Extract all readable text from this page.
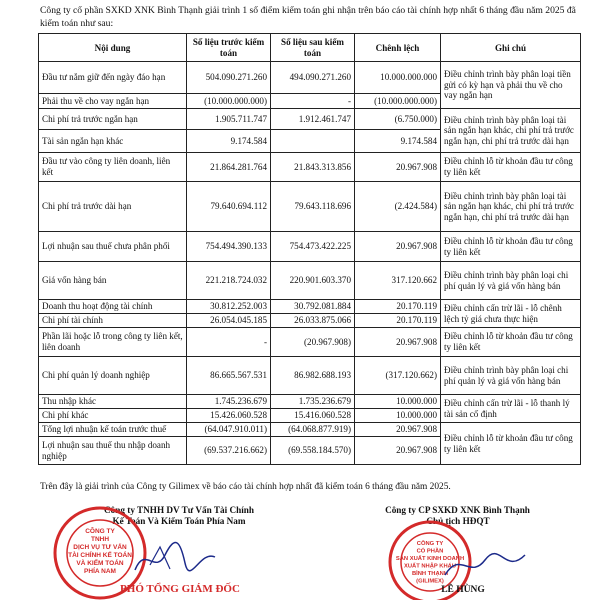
Công ty cổ phần SXKD XNK Bình Thạnh giải trình 1 số điểm kiểm toán ghi nhận trên báo cáo tài chính hợp nhất 6 tháng đầu năm 2025 đã kiểm toán như sau:
Nội dung	Số liệu trước kiểm toán	Số liệu sau kiểm toán	Chênh lệch	Ghi chú
Đầu tư nắm giữ đến ngày đáo hạn	504.090.271.260	494.090.271.260	10.000.000.000	Điều chỉnh trình bày phân loại tiền gửi có kỳ hạn và phải thu về cho vay ngắn hạn
Phải thu về cho vay ngắn hạn	(10.000.000.000)	-	(10.000.000.000)	
Chi phí trả trước ngắn hạn	1.905.711.747	1.912.461.747	(6.750.000)	Điều chỉnh trình bày phân loại tài sản ngắn hạn khác, chi phí trả trước ngắn hạn, chi phí trả trước dài hạn
Tài sản ngắn hạn khác	9.174.584		9.174.584	
Đầu tư vào công ty liên doanh, liên kết	21.864.281.764	21.843.313.856	20.967.908	Điều chỉnh lỗ từ khoản đầu tư công ty liên kết
Chi phí trả trước dài hạn	79.640.694.112	79.643.118.696	(2.424.584)	Điều chỉnh trình bày phân loại tài sản ngắn hạn khác, chi phí trả trước ngắn hạn, chi phí trả trước dài hạn
Lợi nhuận sau thuế chưa phân phối	754.494.390.133	754.473.422.225	20.967.908	Điều chỉnh lỗ từ khoản đầu tư công ty liên kết
Giá vốn hàng bán	221.218.724.032	220.901.603.370	317.120.662	Điều chỉnh trình bày phân loại chi phí quản lý và giá vốn hàng bán
Doanh thu hoạt động tài chính	30.812.252.003	30.792.081.884	20.170.119	Điều chỉnh cấn trừ lãi - lỗ chênh lệch tỷ giá chưa thực hiện
Chi phí tài chính	26.054.045.185	26.033.875.066	20.170.119	
Phần lãi hoặc lỗ trong công ty liên kết, liên doanh	-	(20.967.908)	20.967.908	Điều chỉnh lỗ từ khoản đầu tư công ty liên kết
Chi phí quản lý doanh nghiệp	86.665.567.531	86.982.688.193	(317.120.662)	Điều chỉnh trình bày phân loại chi phí quản lý và giá vốn hàng bán
Thu nhập khác	1.745.236.679	1.735.236.679	10.000.000	Điều chỉnh cấn trừ lãi - lỗ thanh lý tài sản cố định
Chi phí khác	15.426.060.528	15.416.060.528	10.000.000	
Tổng lợi nhuận kế toán trước thuế	(64.047.910.011)	(64.068.877.919)	20.967.908	Điều chỉnh lỗ từ khoản đầu tư công ty liên kết
Lợi nhuận sau thuế thu nhập doanh nghiệp	(69.537.216.662)	(69.558.184.570)	20.967.908	
Trên đây là giải trình của Công ty Gilimex về báo cáo tài chính hợp nhất đã kiểm toán 6 tháng đầu năm 2025.
Công ty TNHH DV Tư Vấn Tài Chính
Kế Toán Và Kiểm Toán Phía Nam
CÔNG TY
TNHH
DỊCH VỤ TƯ VẤN
TÀI CHÍNH KẾ TOÁN
VÀ KIỂM TOÁN
PHÍA NAM
PHÓ TỔNG GIÁM ĐỐC
Công ty CP SXKD XNK Bình Thạnh
Chủ tịch HĐQT
CÔNG TY
CỔ PHẦN
SẢN XUẤT KINH DOANH
XUẤT NHẬP KHẨU
BÌNH THẠNH
(GILIMEX)
LÊ HÙNG
